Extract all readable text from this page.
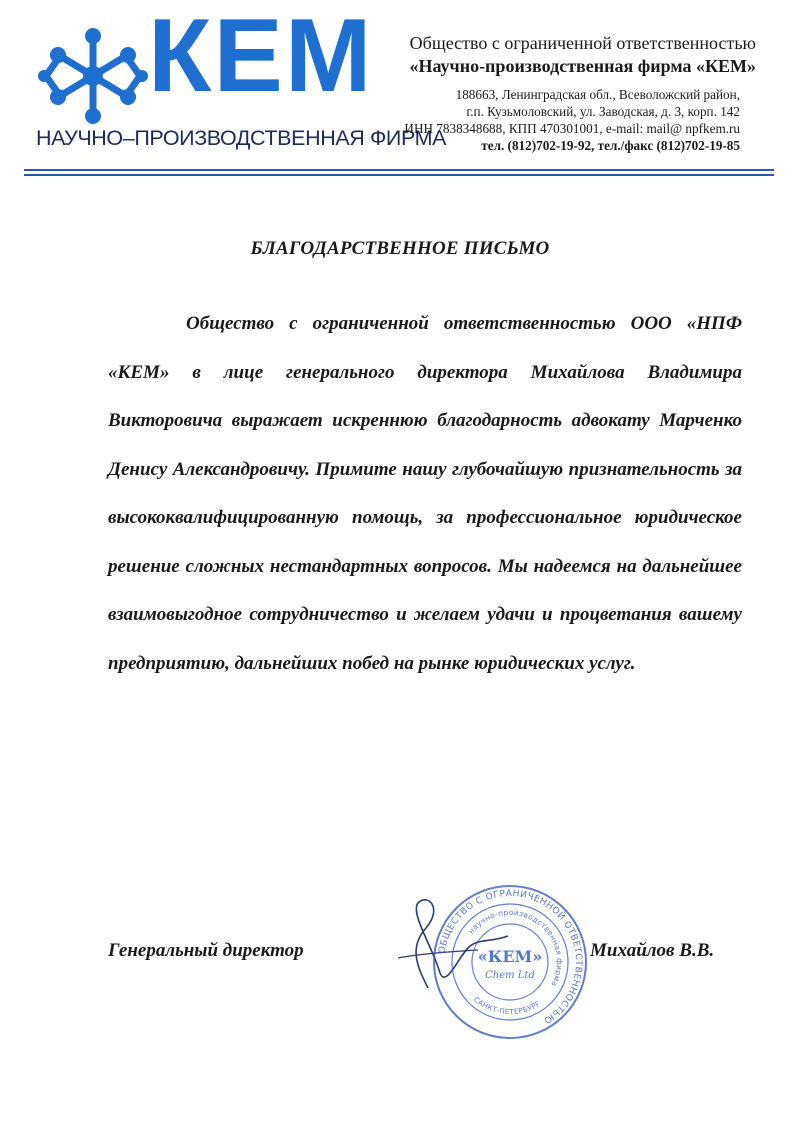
КЕМ
НАУЧНО–ПРОИЗВОДСТВЕННАЯ ФИРМА
Общество с ограниченной ответственностью
«Научно-производственная фирма «КЕМ»
188663, Ленинградская обл., Всеволожский район,
г.п. Кузьмоловский, ул. Заводская, д. 3, корп. 142
ИНН 7838348688, КПП 470301001, e-mail: mail@ npfkem.ru
тел. (812)702-19-92, тел./факс (812)702-19-85
БЛАГОДАРСТВЕННОЕ ПИСЬМО
Общество с ограниченной ответственностью ООО «НПФ «КЕМ» в лице генерального директора Михайлова Владимира Викторовича выражает искреннюю благодарность адвокату Марченко Денису Александровичу. Примите нашу глубочайшую признательность за высококвалифицированную помощь, за профессиональное юридическое решение сложных нестандартных вопросов. Мы надеемся на дальнейшее взаимовыгодное сотрудничество и желаем удачи и процветания вашему предприятию, дальнейших побед на рынке юридических услуг.
Генеральный директор	ОБЩЕСТВО С ОГРАНИЧЕННОЙ ОТВЕТСТВЕННОСТЬЮ
научно-производственная фирма
«КЕМ»
Chem Ltd
САНКТ-ПЕТЕРБУРГ
Михайлов В.В.
